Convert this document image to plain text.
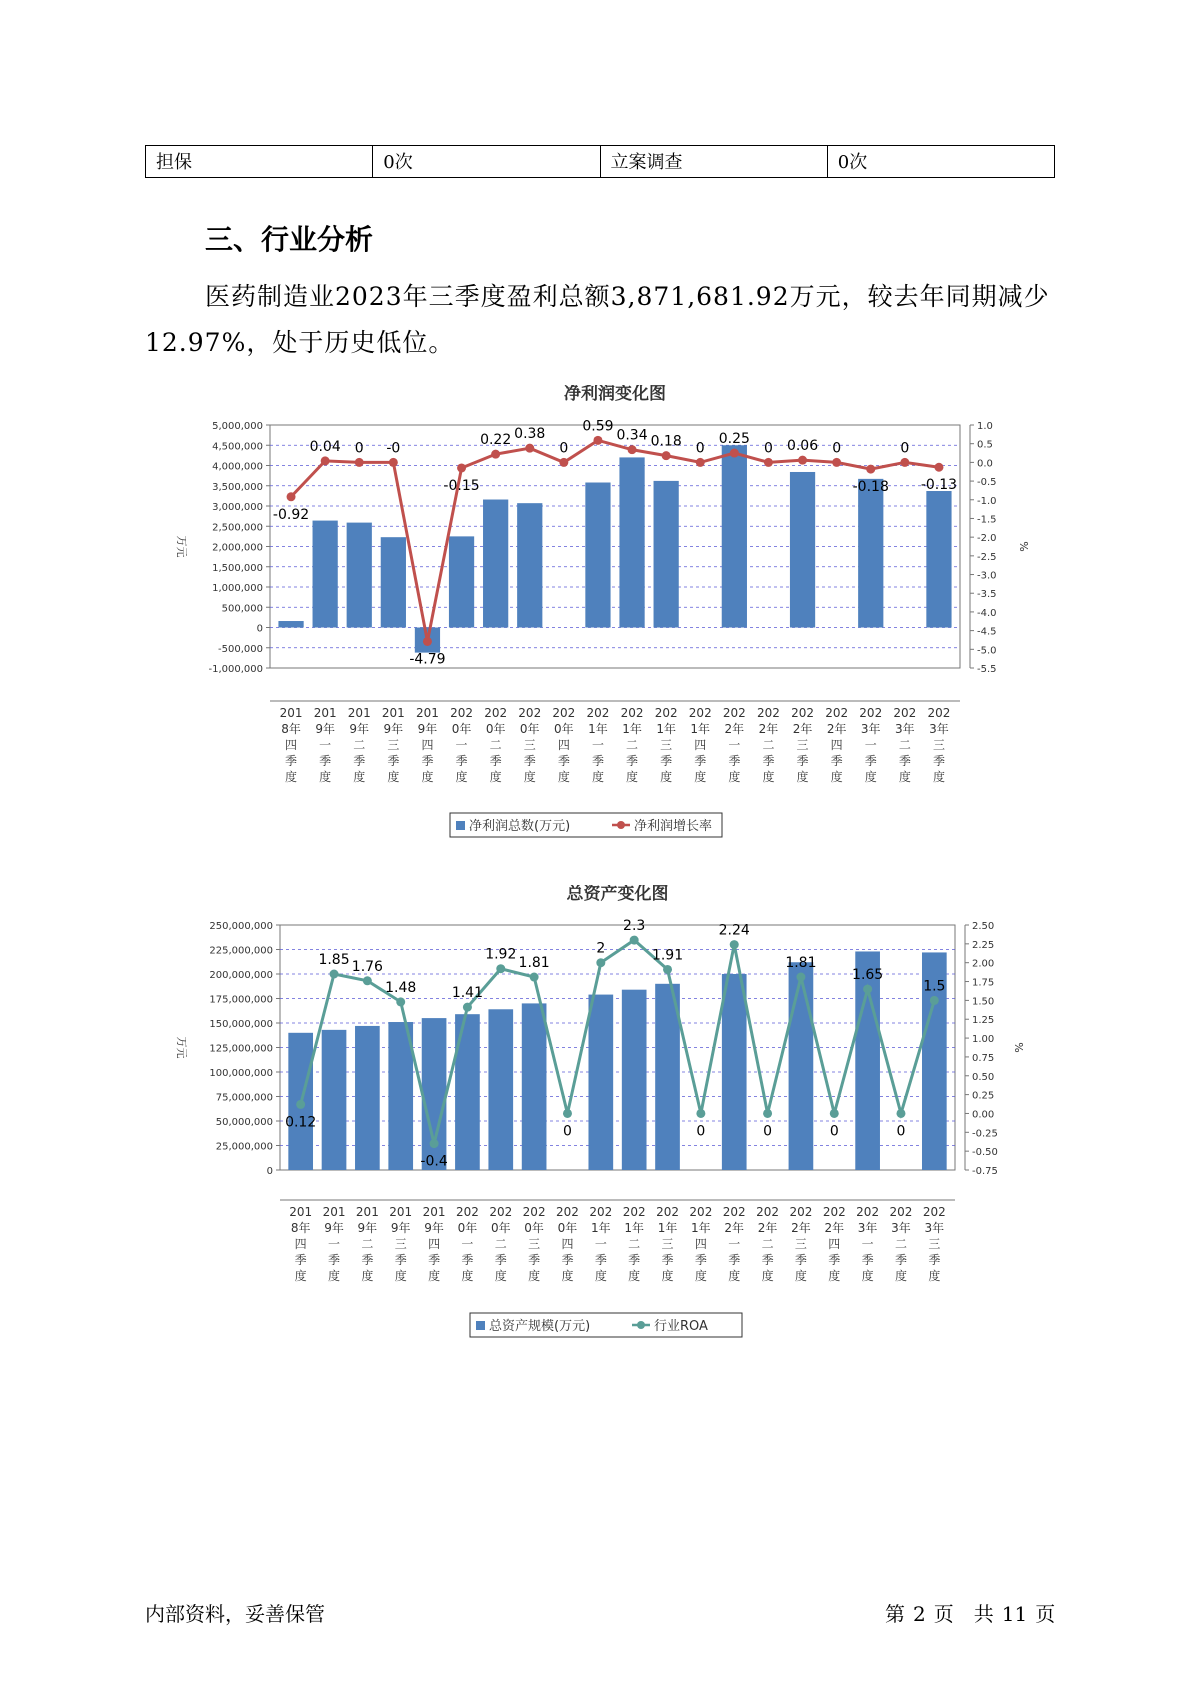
担保	0次	立案调查	0次
三、行业分析

医药制造业2023年三季度盈利总额3,871,681.92万元，较去年同期减少12.97%，处于历史低位。

净利润变化图
-1,000,000
-500,000
0
500,000
1,000,000
1,500,000
2,000,000
2,500,000
3,000,000
3,500,000
4,000,000
4,500,000
5,000,000
-5.5
-5.0
-4.5
-4.0
-3.5
-3.0
-2.5
-2.0
-1.5
-1.0
-0.5
0.0
0.5
1.0
万元	%
-0.92
0.04 0 -0
-4.79
-0.15
0.22 0.38
0
0.59
0.34 0.18 0
0.25
0 0.06 0
-0.18
0
-0.13
201
8年
四
季
度
201
9年
一
季
度
201
9年
二
季
度
201
9年
三
季
度
201
9年
四
季
度
202
0年
一
季
度
202
0年
二
季
度
202
0年
三
季
度
202
0年
四
季
度
202
1年
一
季
度
202
1年
二
季
度
202
1年
三
季
度
202
1年
四
季
度
202
2年
一
季
度
202
2年
二
季
度
202
2年
三
季
度
202
2年
四
季
度
202
3年
一
季
度
202
3年
二
季
度
202
3年
三
季
度
净利润总数(万元)	净利润增长率
总资产变化图
0
25,000,000
50,000,000
75,000,000
100,000,000
125,000,000
150,000,000
175,000,000
200,000,000
225,000,000
250,000,000
-0.75
-0.50
-0.25
0.00
0.25
0.50
0.75
1.00
1.25
1.50
1.75
2.00
2.25
2.50
万元	%
0.12
1.85 1.76
1.48
-0.4
1.41
1.92
1.81
0
2
2.3
1.91
0
2.24
0
1.81
0
1.65
0
1.5
201
8年
四
季
度
201
9年
一
季
度
201
9年
二
季
度
201
9年
三
季
度
201
9年
四
季
度
202
0年
一
季
度
202
0年
二
季
度
202
0年
三
季
度
202
0年
四
季
度
202
1年
一
季
度
202
1年
二
季
度
202
1年
三
季
度
202
1年
四
季
度
202
2年
一
季
度
202
2年
二
季
度
202
2年
三
季
度
202
2年
四
季
度
202
3年
一
季
度
202
3年
二
季
度
202
3年
三
季
度
总资产规模(万元)	行业ROA
内部资料，妥善保管	第 2 页　共 11 页
